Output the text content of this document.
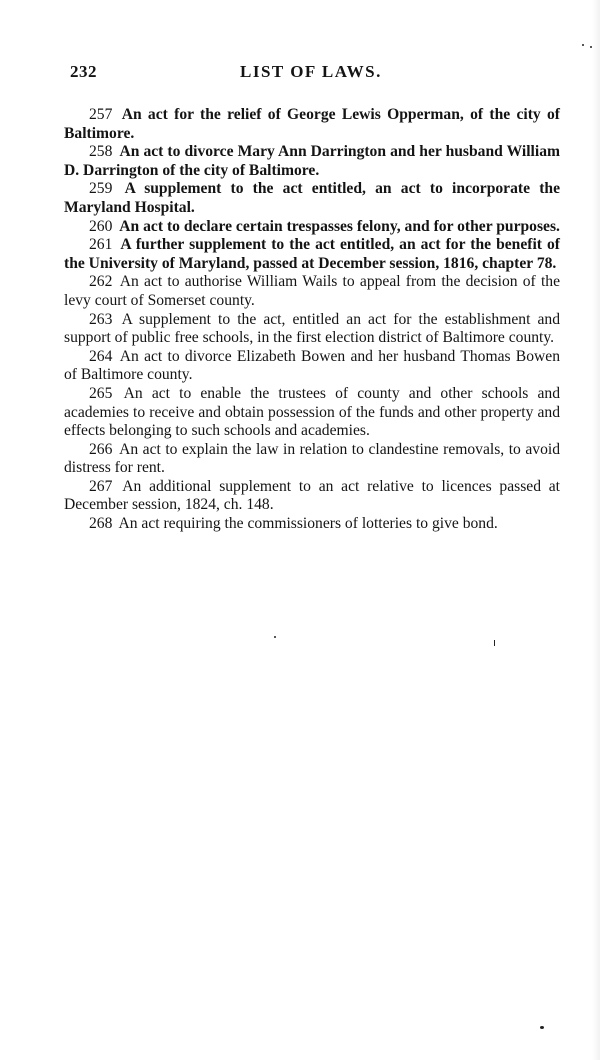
232	LIST OF LAWS.

257 An act for the relief of George Lewis Opperman, of the city of Baltimore.

258 An act to divorce Mary Ann Darrington and her husband William D. Darrington of the city of Baltimore.

259 A supplement to the act entitled, an act to incorporate the Maryland Hospital.

260 An act to declare certain trespasses felony, and for other purposes.

261 A further supplement to the act entitled, an act for the benefit of the University of Maryland, passed at December session, 1816, chapter 78.

262 An act to authorise William Wails to appeal from the decision of the levy court of Somerset county.

263 A supplement to the act, entitled an act for the establishment and support of public free schools, in the first election district of Baltimore county.

264 An act to divorce Elizabeth Bowen and her husband Thomas Bowen of Baltimore county.

265 An act to enable the trustees of county and other schools and academies to receive and obtain possession of the funds and other property and effects belonging to such schools and academies.

266 An act to explain the law in relation to clandestine removals, to avoid distress for rent.

267 An additional supplement to an act relative to licences passed at December session, 1824, ch. 148.

268 An act requiring the commissioners of lotteries to give bond.
